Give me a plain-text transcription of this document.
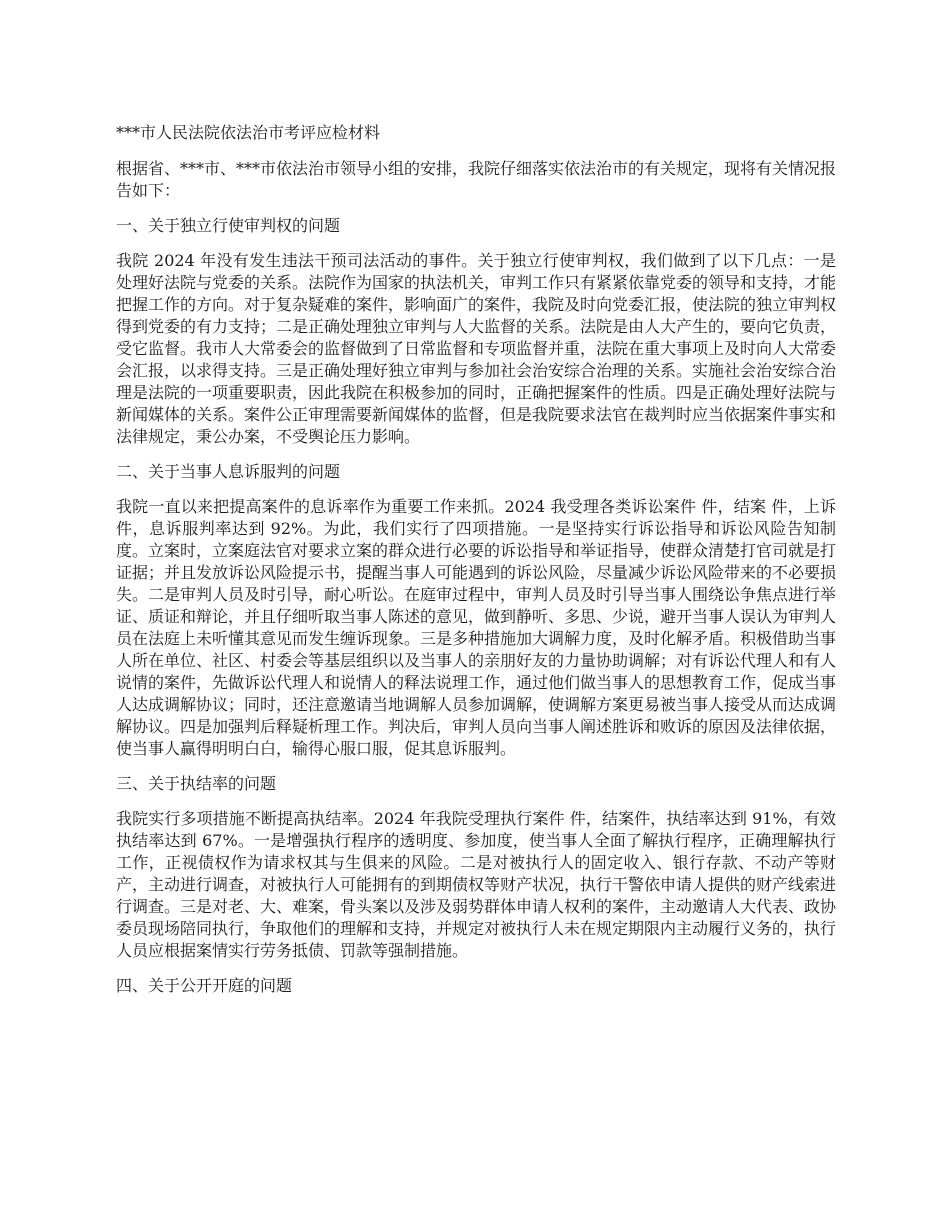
***市人民法院依法治市考评应检材料
根据省、***市、***市依法治市领导小组的安排，我院仔细落实依法治市的有关规定，现将有关情况报告如下：
一、关于独立行使审判权的问题
我院 2024 年没有发生违法干预司法活动的事件。关于独立行使审判权，我们做到了以下几点：一是处理好法院与党委的关系。法院作为国家的执法机关，审判工作只有紧紧依靠党委的领导和支持，才能把握工作的方向。对于复杂疑难的案件，影响面广的案件，我院及时向党委汇报，使法院的独立审判权得到党委的有力支持；二是正确处理独立审判与人大监督的关系。法院是由人大产生的，要向它负责，受它监督。我市人大常委会的监督做到了日常监督和专项监督并重，法院在重大事项上及时向人大常委会汇报，以求得支持。三是正确处理好独立审判与参加社会治安综合治理的关系。实施社会治安综合治理是法院的一项重要职责，因此我院在积极参加的同时，正确把握案件的性质。四是正确处理好法院与新闻媒体的关系。案件公正审理需要新闻媒体的监督，但是我院要求法官在裁判时应当依据案件事实和法律规定，秉公办案，不受舆论压力影响。
二、关于当事人息诉服判的问题
我院一直以来把提高案件的息诉率作为重要工作来抓。2024 我受理各类诉讼案件 件，结案 件，上诉 件，息诉服判率达到 92%。为此，我们实行了四项措施。一是坚持实行诉讼指导和诉讼风险告知制度。立案时，立案庭法官对要求立案的群众进行必要的诉讼指导和举证指导，使群众清楚打官司就是打证据；并且发放诉讼风险提示书，提醒当事人可能遇到的诉讼风险，尽量减少诉讼风险带来的不必要损失。二是审判人员及时引导，耐心听讼。在庭审过程中，审判人员及时引导当事人围绕讼争焦点进行举证、质证和辩论，并且仔细听取当事人陈述的意见，做到静听、多思、少说，避开当事人误认为审判人员在法庭上未听懂其意见而发生缠诉现象。三是多种措施加大调解力度，及时化解矛盾。积极借助当事人所在单位、社区、村委会等基层组织以及当事人的亲朋好友的力量协助调解；对有诉讼代理人和有人说情的案件，先做诉讼代理人和说情人的释法说理工作，通过他们做当事人的思想教育工作，促成当事人达成调解协议；同时，还注意邀请当地调解人员参加调解，使调解方案更易被当事人接受从而达成调解协议。四是加强判后释疑析理工作。判决后，审判人员向当事人阐述胜诉和败诉的原因及法律依据，使当事人赢得明明白白，输得心服口服，促其息诉服判。
三、关于执结率的问题
我院实行多项措施不断提高执结率。2024 年我院受理执行案件 件，结案件，执结率达到 91%，有效执结率达到 67%。一是增强执行程序的透明度、参加度，使当事人全面了解执行程序，正确理解执行工作，正视债权作为请求权其与生俱来的风险。二是对被执行人的固定收入、银行存款、不动产等财产，主动进行调查，对被执行人可能拥有的到期债权等财产状况，执行干警依申请人提供的财产线索进行调查。三是对老、大、难案，骨头案以及涉及弱势群体申请人权利的案件，主动邀请人大代表、政协委员现场陪同执行，争取他们的理解和支持，并规定对被执行人未在规定期限内主动履行义务的，执行人员应根据案情实行劳务抵债、罚款等强制措施。
四、关于公开开庭的问题
